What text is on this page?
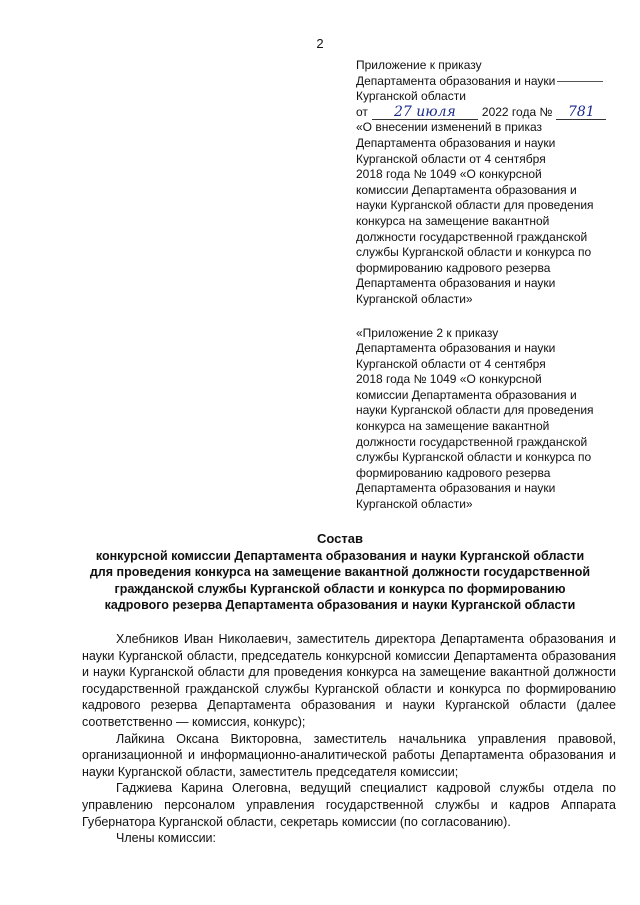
2
Приложение к приказу
Департамента образования и науки
Курганской области
от	27 июля	2022 года №	781
«О внесении изменений в приказ
Департамента образования и науки
Курганской области от 4 сентября
2018 года № 1049 «О конкурсной
комиссии Департамента образования и
науки Курганской области для проведения
конкурса на замещение вакантной
должности государственной гражданской
службы Курганской области и конкурса по
формированию кадрового резерва
Департамента образования и науки
Курганской области»
«Приложение 2 к приказу
Департамента образования и науки
Курганской области от 4 сентября
2018 года № 1049 «О конкурсной
комиссии Департамента образования и
науки Курганской области для проведения
конкурса на замещение вакантной
должности государственной гражданской
службы Курганской области и конкурса по
формированию кадрового резерва
Департамента образования и науки
Курганской области»
Состав
конкурсной комиссии Департамента образования и науки Курганской области
для проведения конкурса на замещение вакантной должности государственной
гражданской службы Курганской области и конкурса по формированию
кадрового резерва Департамента образования и науки Курганской области

Хлебников Иван Николаевич, заместитель директора Департамента образования и науки Курганской области, председатель конкурсной комиссии Департамента образования и науки Курганской области для проведения конкурса на замещение вакантной должности государственной гражданской службы Курганской области и конкурса по формированию кадрового резерва Департамента образования и науки Курганской области (далее соответственно — комиссия, конкурс);

Лайкина Оксана Викторовна, заместитель начальника управления правовой, организационной и информационно-аналитической работы Департамента образования и науки Курганской области, заместитель председателя комиссии;

Гаджиева Карина Олеговна, ведущий специалист кадровой службы отдела по управлению персоналом управления государственной службы и кадров Аппарата Губернатора Курганской области, секретарь комиссии (по согласованию).

Члены комиссии:
